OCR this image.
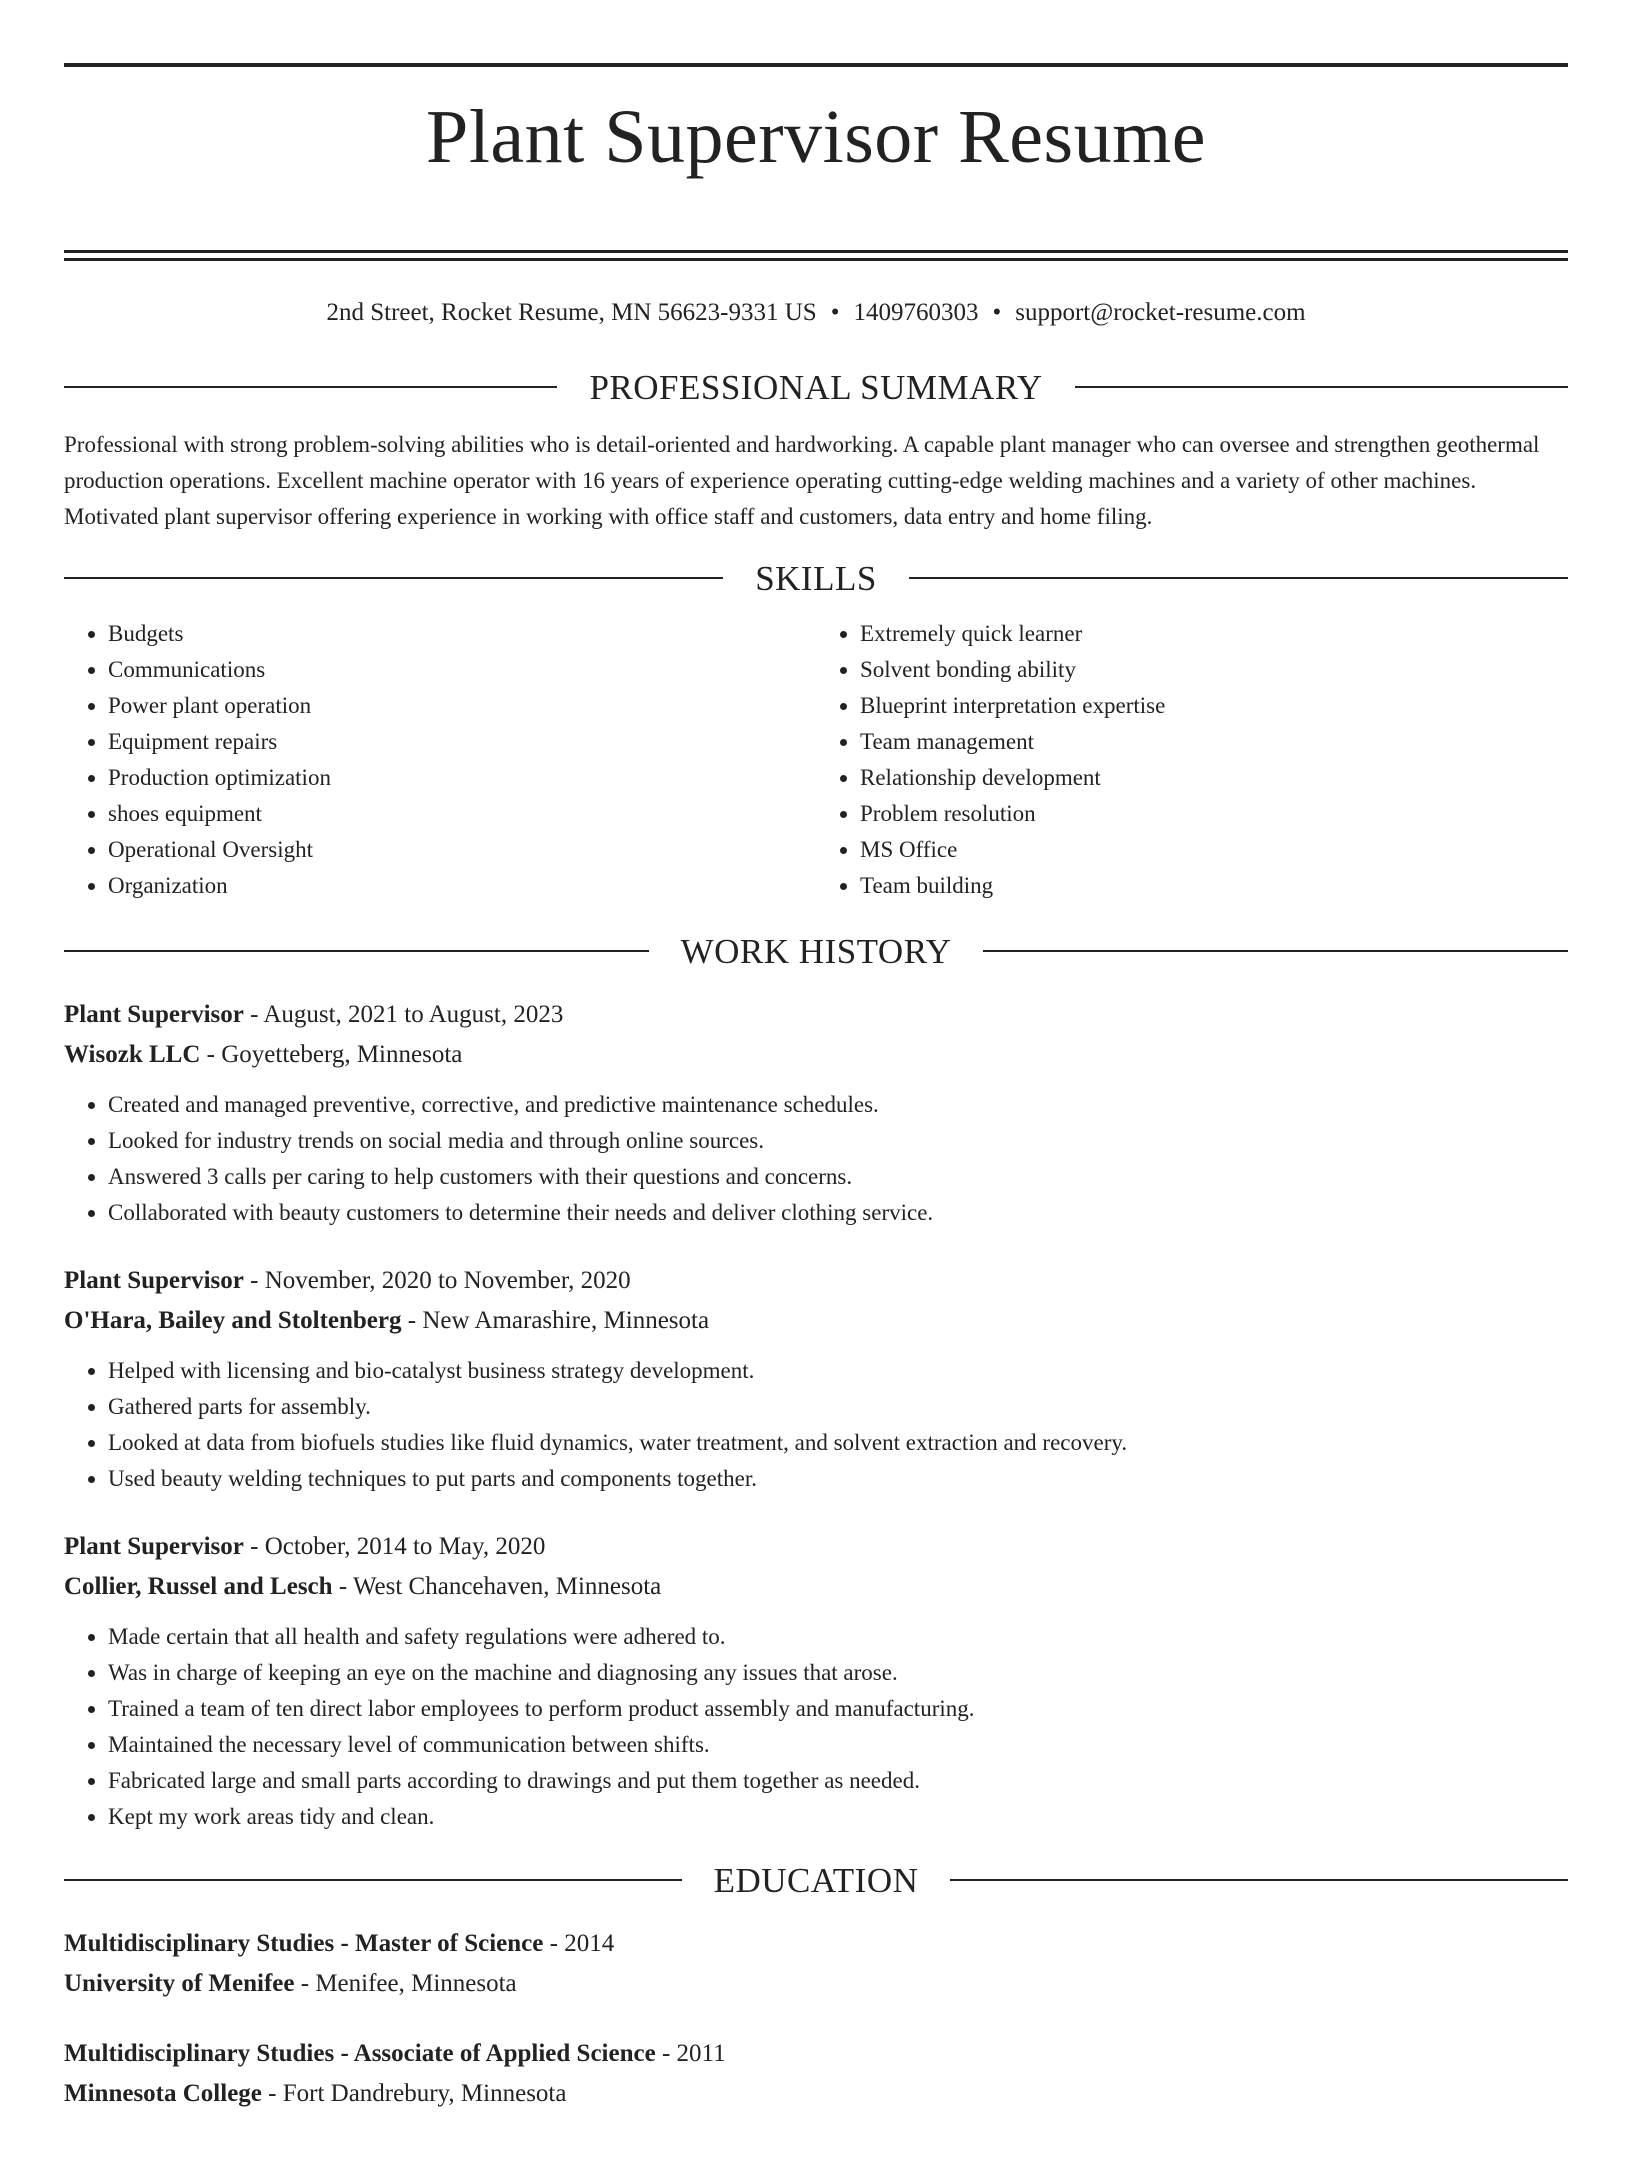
Plant Supervisor Resume
2nd Street, Rocket Resume, MN 56623-9331 US • 1409760303 • support@rocket-resume.com
PROFESSIONAL SUMMARY
Professional with strong problem-solving abilities who is detail-oriented and hardworking. A capable plant manager who can oversee and strengthen geothermal production operations. Excellent machine operator with 16 years of experience operating cutting-edge welding machines and a variety of other machines. Motivated plant supervisor offering experience in working with office staff and customers, data entry and home filing.
SKILLS
• Budgets
• Communications
• Power plant operation
• Equipment repairs
• Production optimization
• shoes equipment
• Operational Oversight
• Organization
• Extremely quick learner
• Solvent bonding ability
• Blueprint interpretation expertise
• Team management
• Relationship development
• Problem resolution
• MS Office
• Team building
WORK HISTORY
Plant Supervisor - August, 2021 to August, 2023
Wisozk LLC - Goyetteberg, Minnesota
• Created and managed preventive, corrective, and predictive maintenance schedules.
• Looked for industry trends on social media and through online sources.
• Answered 3 calls per caring to help customers with their questions and concerns.
• Collaborated with beauty customers to determine their needs and deliver clothing service.
Plant Supervisor - November, 2020 to November, 2020
O'Hara, Bailey and Stoltenberg - New Amarashire, Minnesota
• Helped with licensing and bio-catalyst business strategy development.
• Gathered parts for assembly.
• Looked at data from biofuels studies like fluid dynamics, water treatment, and solvent extraction and recovery.
• Used beauty welding techniques to put parts and components together.
Plant Supervisor - October, 2014 to May, 2020
Collier, Russel and Lesch - West Chancehaven, Minnesota
• Made certain that all health and safety regulations were adhered to.
• Was in charge of keeping an eye on the machine and diagnosing any issues that arose.
• Trained a team of ten direct labor employees to perform product assembly and manufacturing.
• Maintained the necessary level of communication between shifts.
• Fabricated large and small parts according to drawings and put them together as needed.
• Kept my work areas tidy and clean.
EDUCATION
Multidisciplinary Studies - Master of Science - 2014
University of Menifee - Menifee, Minnesota
Multidisciplinary Studies - Associate of Applied Science - 2011
Minnesota College - Fort Dandrebury, Minnesota
